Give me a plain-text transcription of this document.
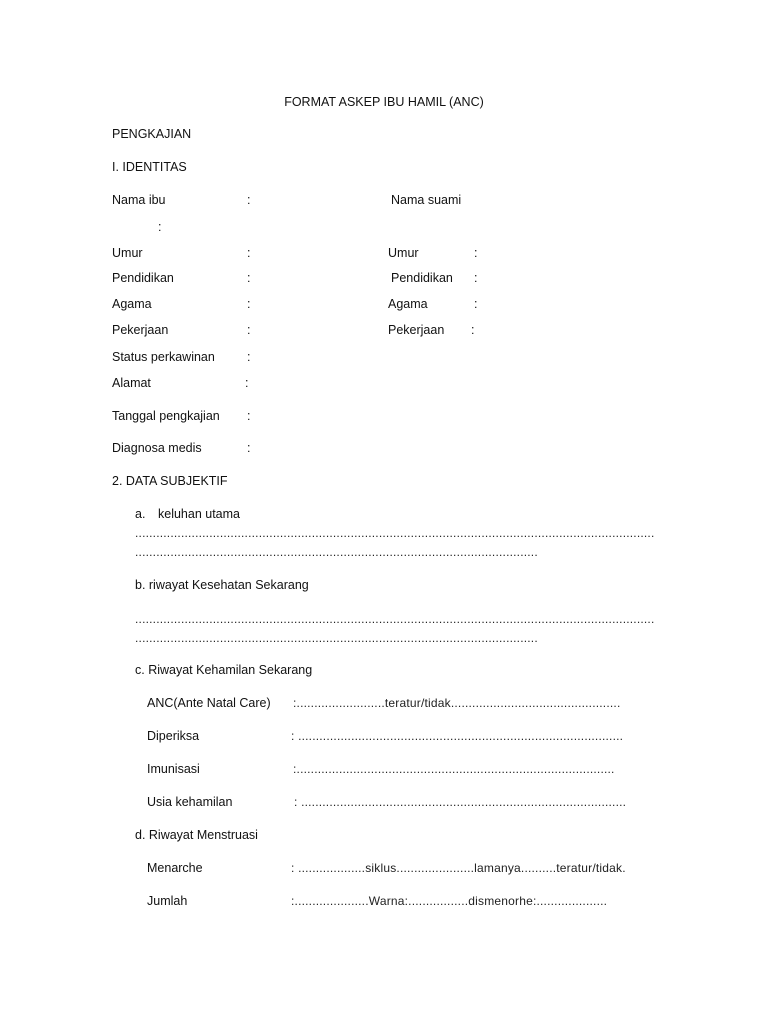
FORMAT ASKEP IBU HAMIL (ANC)
PENGKAJIAN
I. IDENTITAS
Nama ibu	:	Nama suami
:
Umur	:	Umur	:
Pendidikan	:	Pendidikan :
Agama	:	Agama	:
Pekerjaan	:	Pekerjaan :
Status perkawinan	:
Alamat	:
Tanggal pengkajian :
Diagnosa medis	:
2. DATA SUBJEKTIF
a. keluhan utama
...................................................................................................................................................
..................................................................................................................
b. riwayat Kesehatan Sekarang
...................................................................................................................................................
..................................................................................................................
c. Riwayat Kehamilan Sekarang
ANC(Ante Natal Care) :.........................teratur/tidak................................................
Diperiksa	: ............................................................................................
Imunisasi	:..........................................................................................
Usia kehamilan	: ............................................................................................
d. Riwayat Menstruasi
Menarche	: ...................siklus......................lamanya..........teratur/tidak.
Jumlah	:.....................Warna:.................dismenorhe:....................
